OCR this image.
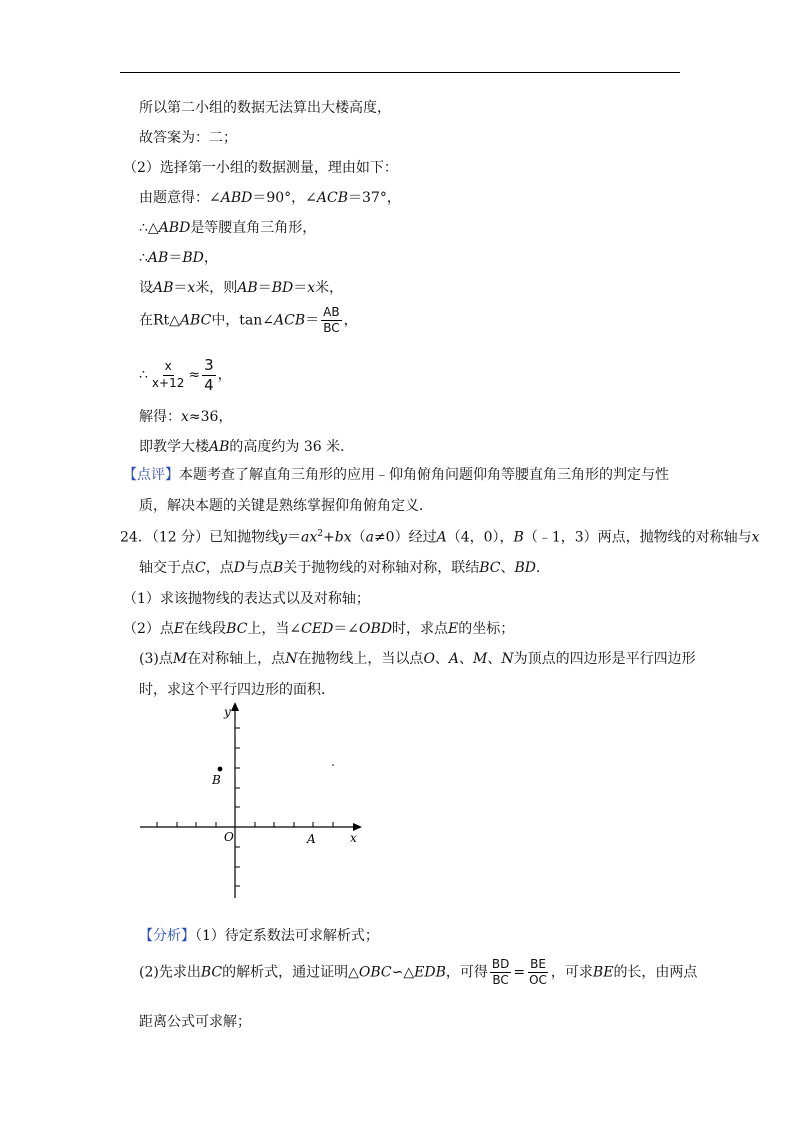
所以第二小组的数据无法算出大楼高度，
故答案为：二；
（2）选择第一小组的数据测量，理由如下：
由题意得：∠ABD＝90°，∠ACB＝37°，
∴△ABD是等腰直角三角形，
∴AB＝BD，
设AB＝x米，则AB＝BD＝x米，
在Rt△ABC中，tan∠ACB＝ $\frac{AB}{BC}$ ，
∴ $\frac{x}{x+12} \approx \frac{3}{4}$ ，
解得：x≈36，
即教学大楼AB的高度约为 36 米．
【点评】本题考查了解直角三角形的应用﹣仰角俯角问题仰角等腰直角三角形的判定与性
质，解决本题的关键是熟练掌握仰角俯角定义．
24．（12 分）已知抛物线$y=ax^2+bx(a\ne 0)$经过A（4，0），B（﹣1，3）两点，抛物线的对称轴与x
轴交于点C，点D与点B关于抛物线的对称轴对称，联结BC、BD．
（1）求该抛物线的表达式以及对称轴；
（2）点E在线段BC上，当∠CED＝∠OBD时，求点E的坐标；
(3)点M在对称轴上，点N在抛物线上，当以点O、A、M、N为顶点的四边形是平行四边形
时，求这个平行四边形的面积．
y
x
O	A
B
【分析】（1）待定系数法可求解析式；
(2)先求出BC的解析式，通过证明△OBC∽△EDB，可得 $\frac{BD}{BC} = \frac{BE}{OC}$ ，可求BE的长，由两点
距离公式可求解；
